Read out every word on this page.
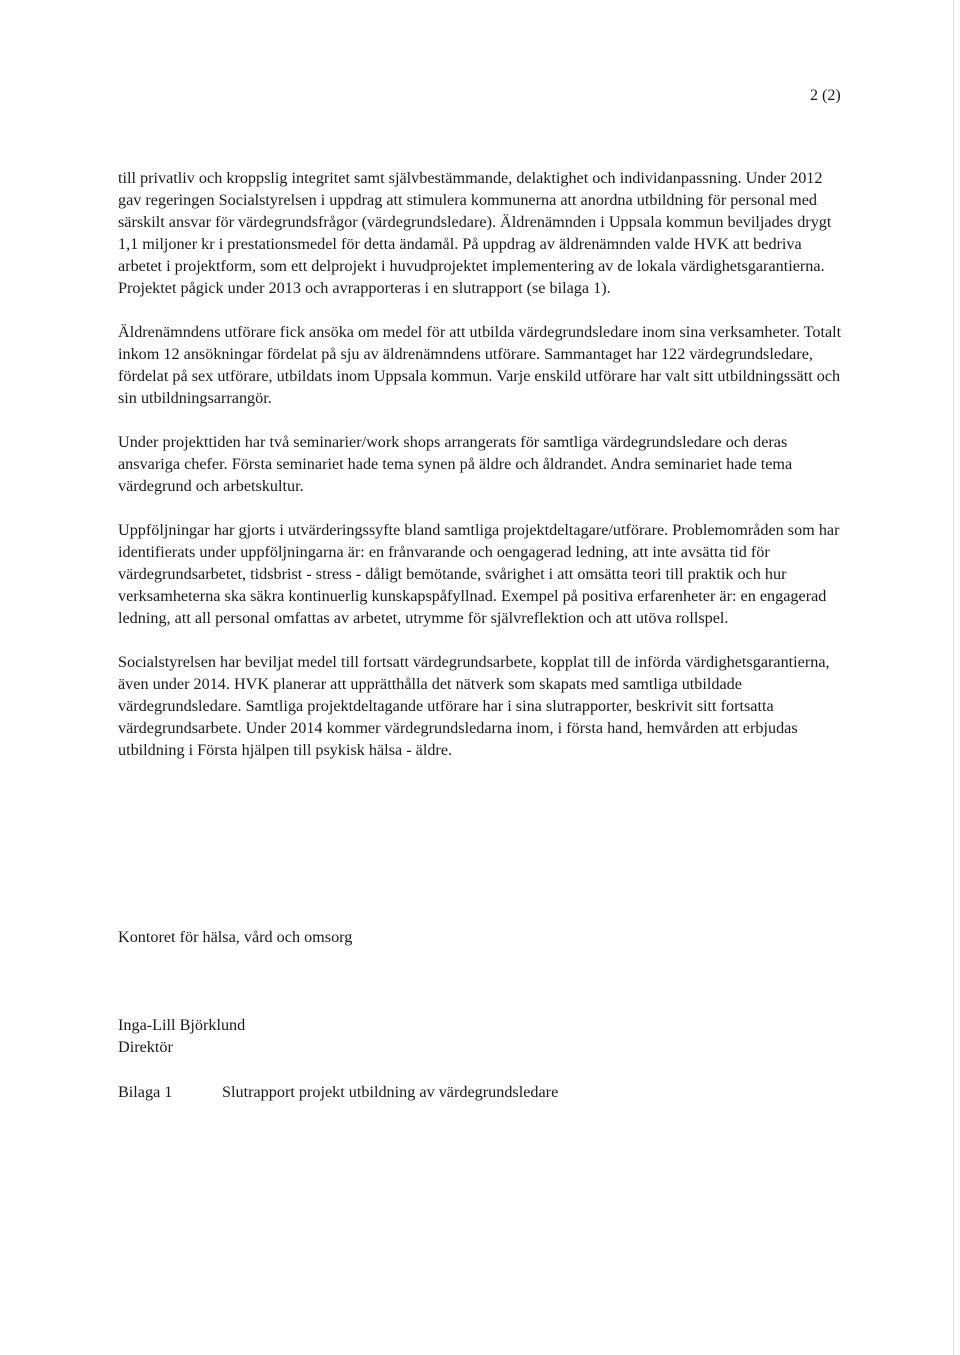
2 (2)

till privatliv och kroppslig integritet samt självbestämmande, delaktighet och individanpassning. Under 2012 gav regeringen Socialstyrelsen i uppdrag att stimulera kommunerna att anordna utbildning för personal med särskilt ansvar för värdegrundsfrågor (värdegrundsledare). Äldrenämnden i Uppsala kommun beviljades drygt 1,1 miljoner kr i prestationsmedel för detta ändamål. På uppdrag av äldrenämnden valde HVK att bedriva arbetet i projektform, som ett delprojekt i huvudprojektet implementering av de lokala värdighetsgarantierna. Projektet pågick under 2013 och avrapporteras i en slutrapport (se bilaga 1).

Äldrenämndens utförare fick ansöka om medel för att utbilda värdegrundsledare inom sina verksamheter. Totalt inkom 12 ansökningar fördelat på sju av äldrenämndens utförare. Sammantaget har 122 värdegrundsledare, fördelat på sex utförare, utbildats inom Uppsala kommun. Varje enskild utförare har valt sitt utbildningssätt och sin utbildningsarrangör.

Under projekttiden har två seminarier/work shops arrangerats för samtliga värdegrundsledare och deras ansvariga chefer. Första seminariet hade tema synen på äldre och åldrandet. Andra seminariet hade tema värdegrund och arbetskultur.

Uppföljningar har gjorts i utvärderingssyfte bland samtliga projektdeltagare/utförare. Problemområden som har identifierats under uppföljningarna är: en frånvarande och oengagerad ledning, att inte avsätta tid för värdegrundsarbetet, tidsbrist - stress - dåligt bemötande, svårighet i att omsätta teori till praktik och hur verksamheterna ska säkra kontinuerlig kunskapspåfyllnad. Exempel på positiva erfarenheter är: en engagerad ledning, att all personal omfattas av arbetet, utrymme för självreflektion och att utöva rollspel.

Socialstyrelsen har beviljat medel till fortsatt värdegrundsarbete, kopplat till de införda värdighetsgarantierna, även under 2014. HVK planerar att upprätthålla det nätverk som skapats med samtliga utbildade värdegrundsledare. Samtliga projektdeltagande utförare har i sina slutrapporter, beskrivit sitt fortsatta värdegrundsarbete. Under 2014 kommer värdegrundsledarna inom, i första hand, hemvården att erbjudas utbildning i Första hjälpen till psykisk hälsa - äldre.

Kontoret för hälsa, vård och omsorg
Inga-Lill Björklund
Direktör
Bilaga 1	Slutrapport projekt utbildning av värdegrundsledare
